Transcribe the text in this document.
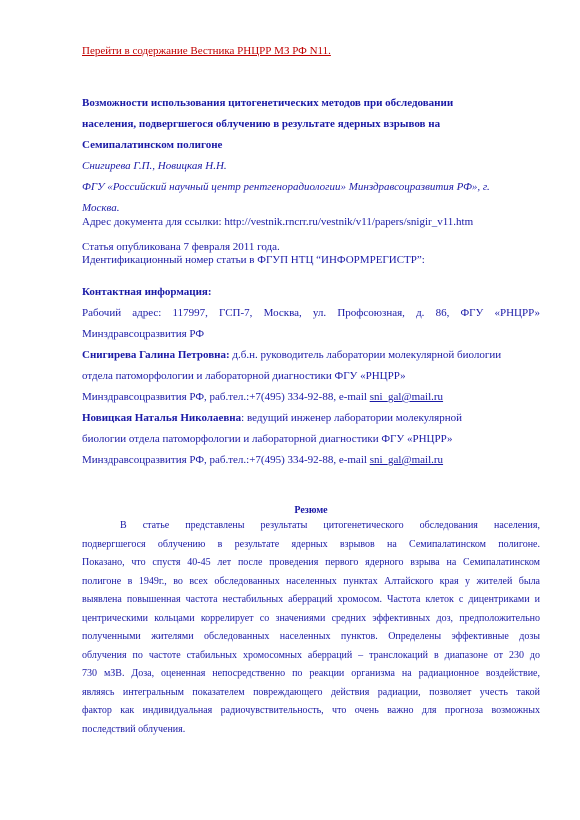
Перейти в содержание Вестника РНЦРР МЗ РФ N11.
Возможности использования цитогенетических методов при обследовании
населения, подвергшегося облучению в результате ядерных взрывов на
Семипалатинском полигоне
Снигирева Г.П., Новицкая Н.Н.
ФГУ «Российский научный центр рентгенорадиологии» Минздравсоцразвития РФ», г.
Москва.
Адрес документа для ссылки: http://vestnik.rncrr.ru/vestnik/v11/papers/snigir_v11.htm
Статья опубликована 7 февраля 2011 года.
Идентификационный номер статьи в ФГУП НТЦ “ИНФОРМРЕГИСТР”:
Контактная информация:
Рабочий адрес: 117997, ГСП-7, Москва, ул. Профсоюзная, д. 86, ФГУ «РНЦРР»
Минздравсоцразвития РФ
Снигирева Галина Петровна: д.б.н. руководитель лаборатории молекулярной биологии
отдела патоморфологии и лабораторной диагностики ФГУ «РНЦРР»
Минздравсоцразвития РФ, раб.тел.:+7(495) 334-92-88, e-mail sni_gal@mail.ru
Новицкая Наталья Николаевна: ведущий инженер лаборатории молекулярной
биологии отдела патоморфологии и лабораторной диагностики ФГУ «РНЦРР»
Минздравсоцразвития РФ, раб.тел.:+7(495) 334-92-88, e-mail sni_gal@mail.ru
Резюме
В статье представлены результаты цитогенетического обследования населения,
подвергшегося облучению в результате ядерных взрывов на Семипалатинском полигоне.
Показано, что спустя 40-45 лет после проведения первого ядерного взрыва на Семипалатинском
полигоне в 1949г., во всех обследованных населенных пунктах Алтайского края у жителей была
выявлена повышенная частота нестабильных аберраций хромосом. Частота клеток с дицентриками и
центрическими кольцами коррелирует со значениями средних эффективных доз, предположительно
полученными жителями обследованных населенных пунктов. Определены эффективные дозы
облучения по частоте стабильных хромосомных аберраций – транслокаций в диапазоне от 230 до
730 мЗВ. Доза, оцененная непосредственно по реакции организма на радиационное воздействие,
являясь интегральным показателем повреждающего действия радиации, позволяет учесть такой
фактор как индивидуальная радиочувствительность, что очень важно для прогноза возможных
последствий облучения.
